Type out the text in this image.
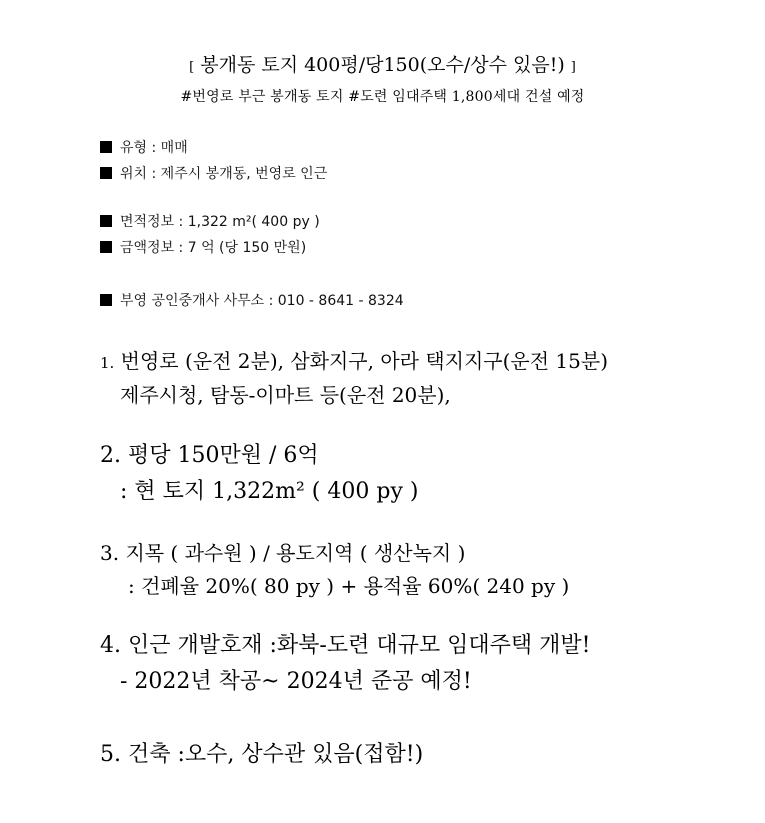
[ 봉개동 토지 400평/당150(오수/상수 있음!) ]
#번영로 부근 봉개동 토지 #도련 임대주택 1,800세대 건설 예정
유형 : 매매
위치 : 제주시 봉개동, 번영로 인근
면적정보 : 1,322 m²( 400 py )
금액정보 : 7 억 (당 150 만원)
부영 공인중개사 사무소 : 010 - 8641 - 8324
1. 번영로 (운전 2분), 삼화지구, 아라 택지지구(운전 15분)
제주시청, 탐동-이마트 등(운전 20분),
2. 평당 150만원 / 6억
: 현 토지 1,322m² ( 400 py )
3. 지목 ( 과수원 ) / 용도지역 ( 생산녹지 )
: 건폐율 20%( 80 py ) + 용적율 60%( 240 py )
4. 인근 개발호재 :화북-도련 대규모 임대주택 개발!
- 2022년 착공~ 2024년 준공 예정!
5. 건축 :오수, 상수관 있음(접함!)
